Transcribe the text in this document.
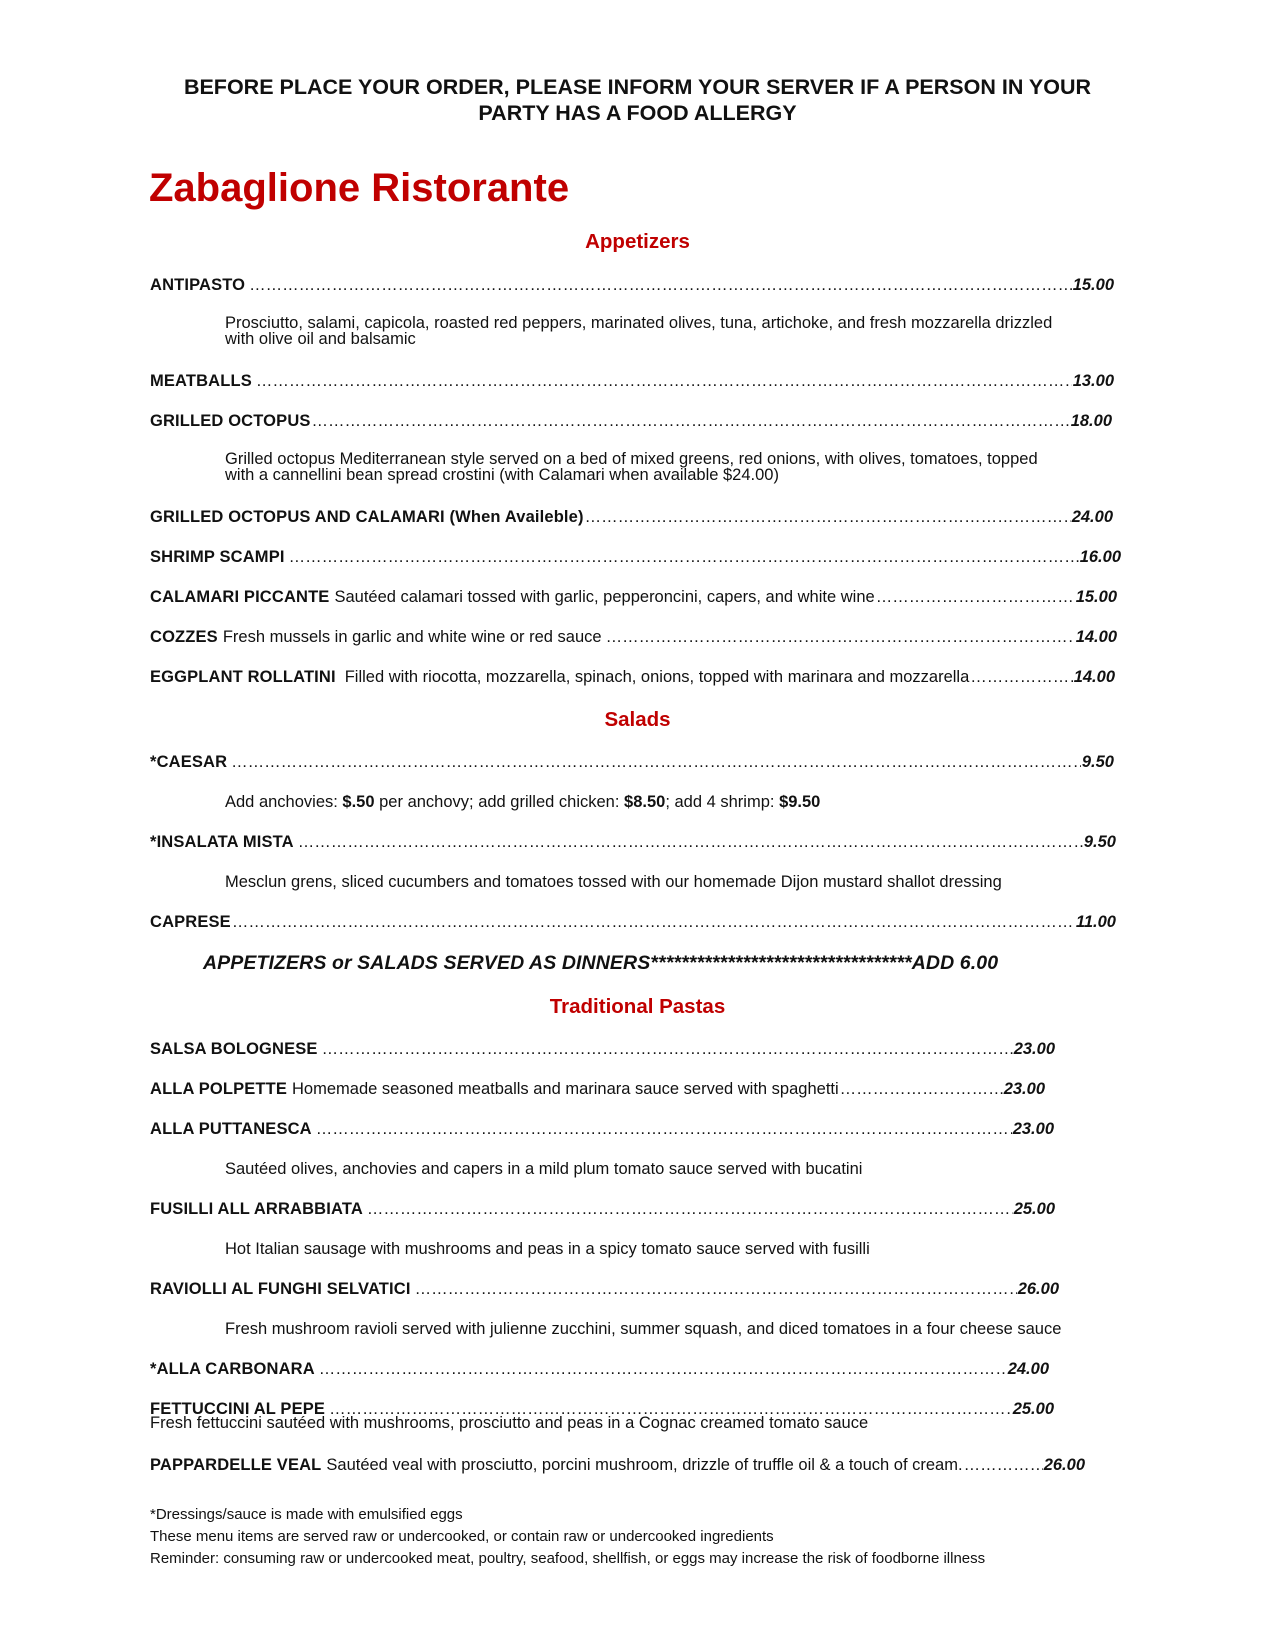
BEFORE PLACE YOUR ORDER, PLEASE INFORM YOUR SERVER IF A PERSON IN YOUR
PARTY HAS A FOOD ALLERGY
Zabaglione Ristorante
Appetizers
ANTIPASTO ……………………………………………………………………………………………………………………………………………………………………………………………………………………………………………………	15.00
Prosciutto, salami, capicola, roasted red peppers, marinated olives, tuna, artichoke, and fresh mozzarella drizzled
with olive oil and balsamic
MEATBALLS ……………………………………………………………………………………………………………………………………………………………………………………………………………………………………………………	13.00
GRILLED OCTOPUS ……………………………………………………………………………………………………………………………………………………………………………………………………………………………………………………	18.00
Grilled octopus Mediterranean style served on a bed of mixed greens, red onions, with olives, tomatoes, topped
with a cannellini bean spread crostini (with Calamari when available $24.00)
GRILLED OCTOPUS AND CALAMARI (When Availeble) ……………………………………………………………………………………………………………………………………………………………………………………………………………………………………………………	24.00
SHRIMP SCAMPI ……………………………………………………………………………………………………………………………………………………………………………………………………………………………………………………	16.00
CALAMARI PICCANTE Sautéed calamari tossed with garlic, pepperoncini, capers, and white wine ……………………………………………………………………………………………………………………………………………………………………………………………………………………………………………………	15.00
COZZES Fresh mussels in garlic and white wine or red sauce ……………………………………………………………………………………………………………………………………………………………………………………………………………………………………………………	14.00
EGGPLANT ROLLATINI Filled with riocotta, mozzarella, spinach, onions, topped with marinara and mozzarella ……………………………………………………………………………………………………………………………………………………………………………………………………………………………………………………	14.00
Salads
*CAESAR ……………………………………………………………………………………………………………………………………………………………………………………………………………………………………………………	9.50
Add anchovies: $.50 per anchovy; add grilled chicken: $8.50; add 4 shrimp: $9.50
*INSALATA MISTA ……………………………………………………………………………………………………………………………………………………………………………………………………………………………………………………	9.50
Mesclun grens, sliced cucumbers and tomatoes tossed with our homemade Dijon mustard shallot dressing
CAPRESE ……………………………………………………………………………………………………………………………………………………………………………………………………………………………………………………	11.00
APPETIZERS or SALADS SERVED AS DINNERS**********************************ADD 6.00
Traditional Pastas
SALSA BOLOGNESE ……………………………………………………………………………………………………………………………………………………………………………………………………………………………………………………	23.00
ALLA POLPETTE Homemade seasoned meatballs and marinara sauce served with spaghetti ……………………………………………………………………………………………………………………………………………………………………………………………………………………………………………………	23.00
ALLA PUTTANESCA ……………………………………………………………………………………………………………………………………………………………………………………………………………………………………………………	23.00
Sautéed olives, anchovies and capers in a mild plum tomato sauce served with bucatini
FUSILLI ALL ARRABBIATA ……………………………………………………………………………………………………………………………………………………………………………………………………………………………………………………	25.00
Hot Italian sausage with mushrooms and peas in a spicy tomato sauce served with fusilli
RAVIOLLI AL FUNGHI SELVATICI ……………………………………………………………………………………………………………………………………………………………………………………………………………………………………………………	26.00
Fresh mushroom ravioli served with julienne zucchini, summer squash, and diced tomatoes in a four cheese sauce
*ALLA CARBONARA ……………………………………………………………………………………………………………………………………………………………………………………………………………………………………………………	24.00
FETTUCCINI AL PEPE ……………………………………………………………………………………………………………………………………………………………………………………………………………………………………………………	25.00
Fresh fettuccini sautéed with mushrooms, prosciutto and peas in a Cognac creamed tomato sauce
PAPPARDELLE VEAL Sautéed veal with prosciutto, porcini mushroom, drizzle of truffle oil & a touch of cream. ……………………………………………………………………………………………………………………………………………………………………………………………………………………………………………………	26.00
*Dressings/sauce is made with emulsified eggs
These menu items are served raw or undercooked, or contain raw or undercooked ingredients
Reminder: consuming raw or undercooked meat, poultry, seafood, shellfish, or eggs may increase the risk of foodborne illness
